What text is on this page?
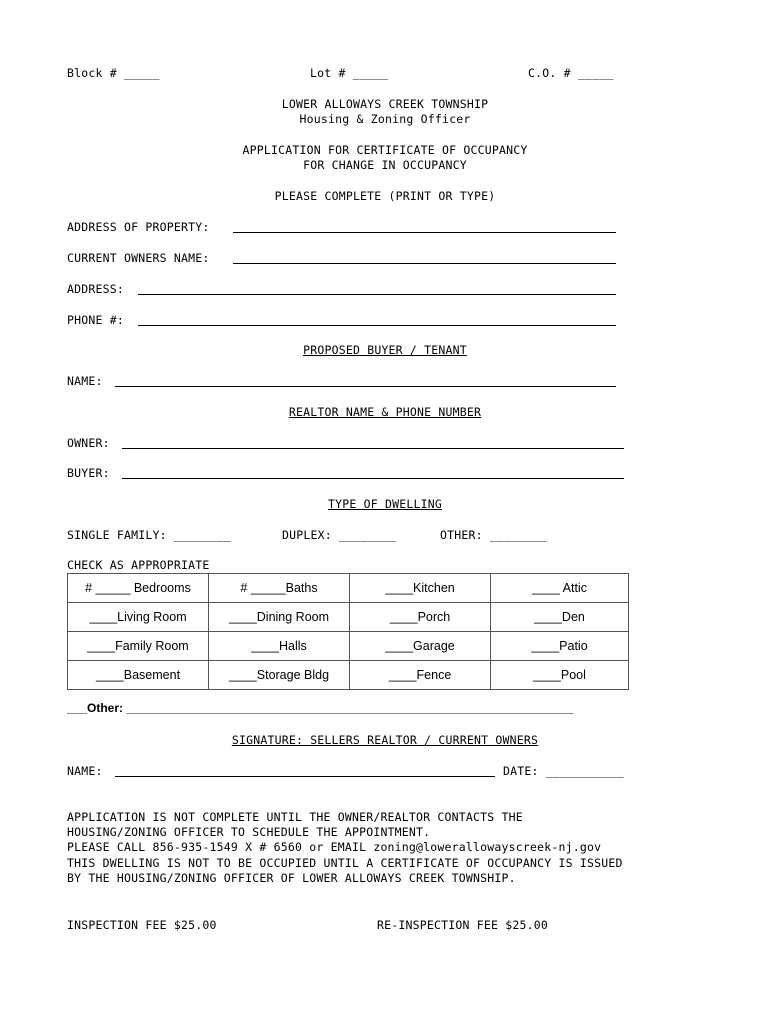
Block # _____	Lot # _____	C.O. # _____
LOWER ALLOWAYS CREEK TOWNSHIP
Housing & Zoning Officer
APPLICATION FOR CERTIFICATE OF OCCUPANCY
FOR CHANGE IN OCCUPANCY
PLEASE COMPLETE (PRINT OR TYPE)
ADDRESS OF PROPERTY:
CURRENT OWNERS NAME:
ADDRESS:
PHONE #:
PROPOSED BUYER / TENANT
NAME:
REALTOR NAME & PHONE NUMBER
OWNER:
BUYER:
TYPE OF DWELLING
SINGLE FAMILY: ________	DUPLEX: ________	OTHER: ________
CHECK AS APPROPRIATE
# _____ Bedrooms	# _____Baths	____Kitchen	____ Attic
____Living Room	____Dining Room	____Porch	____Den
____Family Room	____Halls	____Garage	____Patio
____Basement	____Storage Bldg	____Fence	____Pool
___Other: ___________________________________________________________________
SIGNATURE: SELLERS REALTOR / CURRENT OWNERS
NAME:	DATE: ___________
APPLICATION IS NOT COMPLETE UNTIL THE OWNER/REALTOR CONTACTS THE
HOUSING/ZONING OFFICER TO SCHEDULE THE APPOINTMENT.
PLEASE CALL 856-935-1549 X # 6560 or EMAIL zoning@lowerallowayscreek-nj.gov
THIS DWELLING IS NOT TO BE OCCUPIED UNTIL A CERTIFICATE OF OCCUPANCY IS ISSUED
BY THE HOUSING/ZONING OFFICER OF LOWER ALLOWAYS CREEK TOWNSHIP.
INSPECTION FEE $25.00	RE-INSPECTION FEE $25.00
